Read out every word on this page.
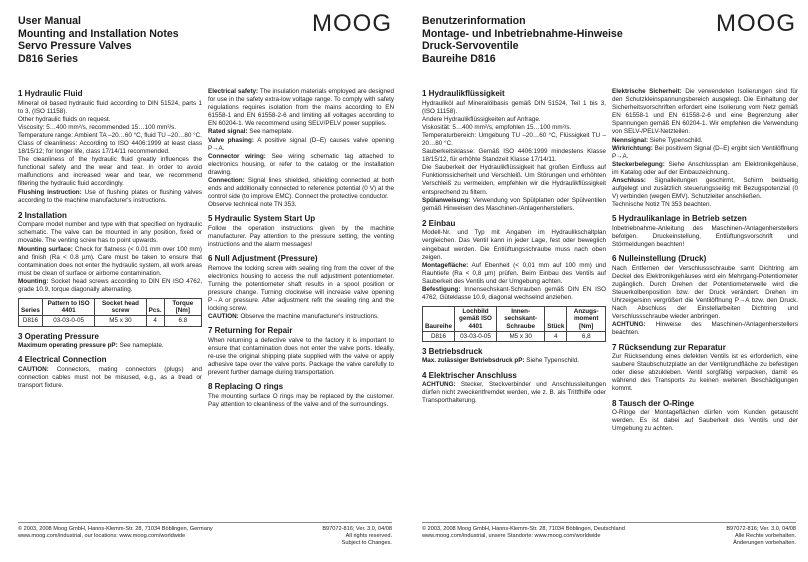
User Manual

Mounting and Installation Notes

Servo Pressure Valves

D816 Series

MOOG
1 Hydraulic Fluid

Mineral oil based hydraulic fluid according to DIN 51524, parts 1 to 3, (ISO 11158).

Other hydraulic fluids on request.

Viscosity: 5…400 mm²/s, recommended 15…100 mm²/s.

Temperature range: Ambient TA –20…60 °C, fluid TU –20…80 °C.

Class of cleanliness: According to ISO 4406:1999 at least class 18/15/12; for longer life, class 17/14/11 recommended.

The cleanliness of the hydraulic fluid greatly influences the functional safety and the wear and tear. In order to avoid malfunctions and increased wear and tear, we recommend filtering the hydraulic fluid accordingly.

Flushing instruction: Use of flushing plates or flushing valves according to the machine manufacturer's instructions.

2 Installation

Compare model number and type with that specified on hydraulic schematic. The valve can be mounted in any position, fixed or movable. The venting screw has to point upwards.

Mounting surface: Check for flatness (< 0.01 mm over 100 mm) and finish (Ra < 0.8 µm). Care must be taken to ensure that contamination does not enter the hydraulic system, all work areas must be clean of surface or airborne contamination.

Mounting: Socket head screws according to DIN EN ISO 4762, grade 10.9, torque diagonally alternating.

Series	Pattern to ISO 4401	Socket head screw	Pcs.	Torque [Nm]
D816	03-03-0-05	M5 x 30	4	6.8
3 Operating Pressure

Maximum operating pressure pP: See nameplate.

4 Electrical Connection

CAUTION: Connectors, mating connectors (plugs) and connection cables must not be misused, e.g., as a tread or transport fixture.

Electrical safety: The insulation materials employed are designed for use in the safety extra-low voltage range. To comply with safety regulations requires isolation from the mains according to EN 61558-1 and EN 61558-2-6 and limiting all voltages according to EN 60204-1. We recommend using SELV/PELV power supplies.

Rated signal: See nameplate.

Valve phasing: A positive signal (D–E) causes valve opening P→A.

Connector wiring: See wiring schematic tag attached to electronics housing, or refer to the catalog or the installation drawing.

Connection: Signal lines shielded, shielding connected at both ends and additionally connected to reference potential (0 V) at the control side (to improve EMC). Connect the protective conductor.

Observe technical note TN 353.

5 Hydraulic System Start Up

Follow the operation instructions given by the machine manufacturer. Pay attention to the pressure setting, the venting instructions and the alarm messages!

6 Null Adjustment (Pressure)

Remove the locking screw with sealing ring from the cover of the electronics housing to access the null adjustment potentiometer. Turning the potentiometer shaft results in a spool position or pressure change. Turning clockwise will increase valve opening P→A or pressure. After adjustment refit the sealing ring and the locking screw.

CAUTION: Observe the machine manufacturer's instructions.

7 Returning for Repair

When returning a defective valve to the factory it is important to ensure that contamination does not enter the valve ports. Ideally, re-use the original shipping plate supplied with the valve or apply adhesive tape over the valve ports. Package the valve carefully to prevent further damage during transportation.

8 Replacing O rings

The mounting surface O rings may be replaced by the customer. Pay attention to cleanliness of the valve and of the surroundings.

© 2003, 2008 Moog GmbH, Hanns-Klemm-Str. 28, 71034 Böblingen, Germany
www.moog.com/industrial, our locations: www.moog.com/worldwide
B97072-816; Ver. 3.0, 04/08
All rights reserved.
Subject to Changes.

Benutzerinformation

Montage- und Inbetriebnahme-Hinweise

Druck-Servoventile

Baureihe D816

MOOG
1 Hydraulikflüssigkeit

Hydrauliköl auf Mineralölbasis gemäß DIN 51524, Teil 1 bis 3, (ISO 11158).

Andere Hydraulikflüssigkeiten auf Anfrage.

Viskosität: 5…400 mm²/s, empfohlen 15…100 mm²/s.

Temperaturbereich: Umgebung TU –20…60 °C, Flüssigkeit TU –20…80 °C.

Sauberkeitsklasse: Gemäß ISO 4406:1999 mindestens Klasse 18/15/12, für erhöhte Standzeit Klasse 17/14/11.

Die Sauberkeit der Hydraulikflüssigkeit hat großen Einfluss auf Funktionssicherheit und Verschleiß. Um Störungen und erhöhten Verschleiß zu vermeiden, empfehlen wir die Hydraulikflüssigkeit entsprechend zu filtern.

Spülanweisung: Verwendung von Spülplatten oder Spülventilen gemäß Hinweisen des Maschinen-/Anlagenherstellers.

2 Einbau

Modell-Nr. und Typ mit Angaben im Hydraulikschaltplan vergleichen. Das Ventil kann in jeder Lage, fest oder beweglich eingebaut werden. Die Entlüftungsschraube muss nach oben zeigen.

Montagefläche: Auf Ebenheit (< 0,01 mm auf 100 mm) und Rauhtiefe (Ra < 0,8 µm) prüfen. Beim Einbau des Ventils auf Sauberkeit des Ventils und der Umgebung achten.

Befestigung: Innensechskant-Schrauben gemäß DIN EN ISO 4762, Güteklasse 10.9, diagonal wechselnd anziehen.

Baureihe	Lochbild gemäß ISO 4401	Innen-sechskant-Schraube	Stück	Anzugs-moment [Nm]
D816	03-03-0-05	M5 x 30	4	6,8
3 Betriebsdruck

Max. zulässiger Betriebsdruck pP: Siehe Typenschild.

4 Elektrischer Anschluss

ACHTUNG: Stecker, Steckverbinder und Anschlussleitungen dürfen nicht zweckentfremdet werden, wie z. B. als Trittfhilfe oder Transporthalterung.

Elektrische Sicherheit: Die verwendeten Isolierungen sind für den Schutzkleinspannungsbereich ausgelegt. Die Einhaltung der Sicherheitsvorschriften erfordert eine Isolierung vom Netz gemäß EN 61558-1 und EN 61558-2-6 und eine Begrenzung aller Spannungen gemäß EN 60204-1. Wir empfehlen die Verwendung von SELV-/PELV-Netzteilen.

Nennsignal: Siehe Typenschild.

Wirkrichtung: Bei positivem Signal (D–E) ergibt sich Ventilöffnung P→A.

Steckerbelegung: Siehe Anschlussplan am Elektronikgehäuse, im Katalog oder auf der Einbauzeichnung.

Anschluss: Signalleitungen geschirmt, Schirm beidseitig aufgelegt und zusätzlich steuerungsseitig mit Bezugspotenzial (0 V) verbinden (wegen EMV). Schutzleiter anschließen.

Technische Notiz TN 353 beachten.

5 Hydraulikanlage in Betrieb setzen

Inbetriebnahme-Anleitung des Maschinen-/Anlagenherstellers befolgen. Druckeinstellung, Entlüftungsvorschrift und Störmeldungen beachten!

6 Nulleinstellung (Druck)

Nach Entfernen der Verschlussschraube samt Dichtring am Deckel des Elektronikgehäuses wird ein Mehrgang-Potentiometer zugänglich. Durch Drehen der Potentiometerwelle wird die Steuerkolbenposition bzw. der Druck verändert. Drehen im Uhrzeigersinn vergrößert die Ventilöffnung P→A bzw. den Druck. Nach Abschluss der Einstellarbeiten Dichtring und Verschlussschraube wieder anbringen.

ACHTUNG: Hinweise des Maschinen-/Anlagenherstellers beachten.

7 Rücksendung zur Reparatur

Zur Rücksendung eines defekten Ventils ist es erforderlich, eine saubere Staubschutzplatte an der Ventilgrundfläche zu befestigen oder diese abzukleben. Ventil sorgfältig verpacken, damit es während des Transports zu keinen weiteren Beschädigungen kommt.

8 Tausch der O-Ringe

O-Ringe der Montageflächen dürfen vom Kunden getauscht werden. Es ist dabei auf Sauberkeit des Ventils und der Umgebung zu achten.

© 2003, 2008 Moog GmbH, Hanns-Klemm-Str. 28, 71034 Böblingen, Deutschland
www.moog.com/industrial, unsere Standorte: www.moog.com/worldwide
B97072-816; Ver. 3.0, 04/08
Alle Rechte vorbehalten.
Änderungen vorbehalten.
